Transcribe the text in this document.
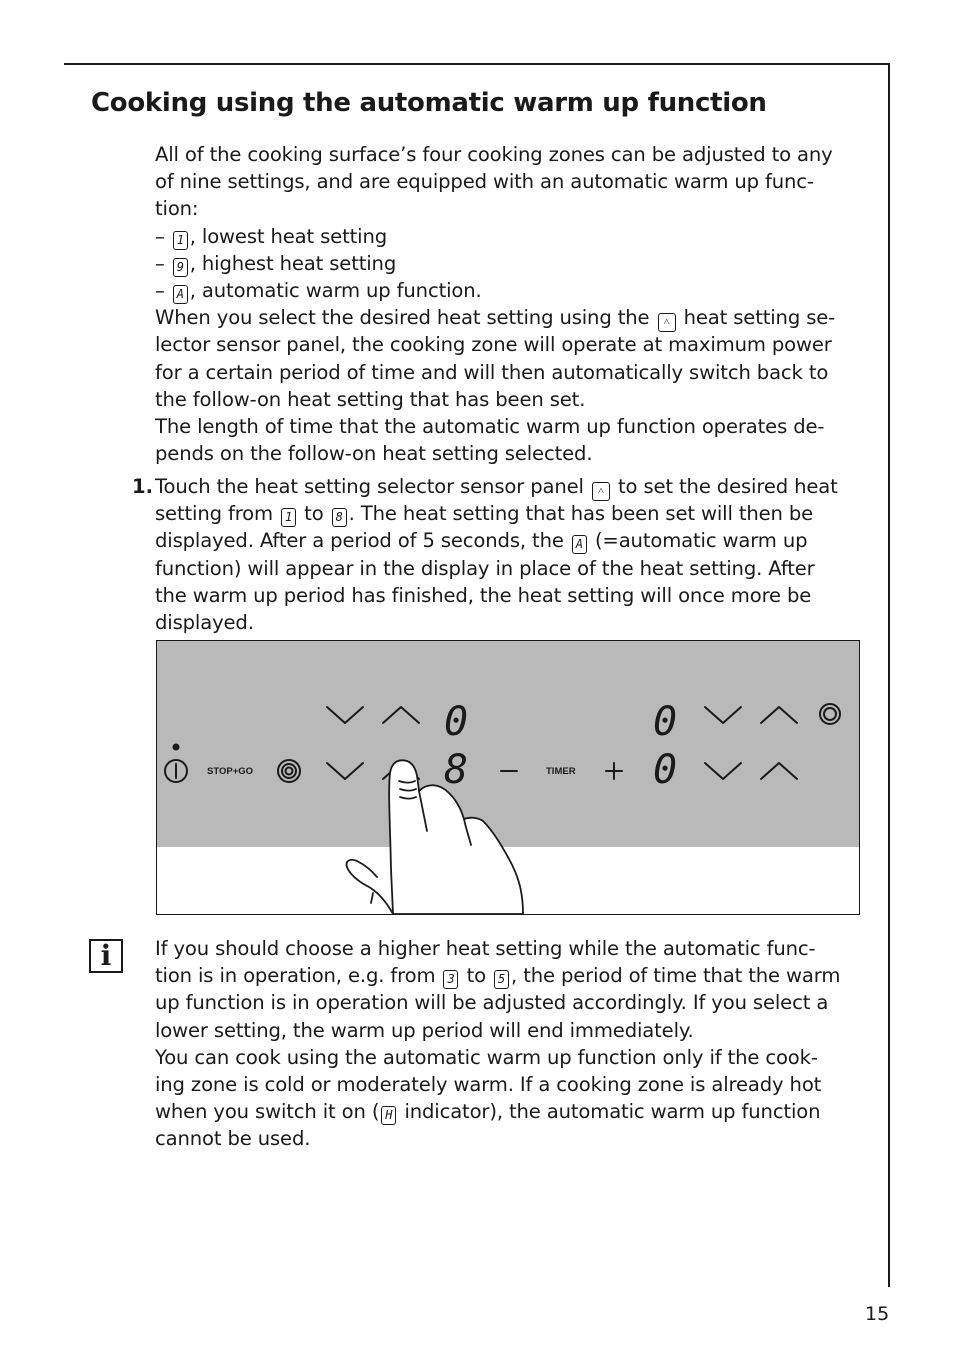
Cooking using the automatic warm up function
All of the cooking surface’s four cooking zones can be adjusted to any
of nine settings, and are equipped with an automatic warm up func-
tion:
– 1 , lowest heat setting
– 9 , highest heat setting
– A , automatic warm up function.
When you select the desired heat setting using the ˄ heat setting se-
lector sensor panel, the cooking zone will operate at maximum power
for a certain period of time and will then automatically switch back to
the follow-on heat setting that has been set.
The length of time that the automatic warm up function operates de-
pends on the follow-on heat setting selected.
1. Touch the heat setting selector sensor panel ˄ to set the desired heat
setting from 1 to 8 . The heat setting that has been set will then be
displayed. After a period of 5 seconds, the A (=automatic warm up
function) will appear in the display in place of the heat setting. After
the warm up period has finished, the heat setting will once more be
displayed.
STOP+GO	TIMER
0
8
0
0
i	If you should choose a higher heat setting while the automatic func-
tion is in operation, e.g. from 3 to 5 , the period of time that the warm
up function is in operation will be adjusted accordingly. If you select a
lower setting, the warm up period will end immediately.
You can cook using the automatic warm up function only if the cook-
ing zone is cold or moderately warm. If a cooking zone is already hot
when you switch it on ( H indicator), the automatic warm up function
cannot be used.
15
